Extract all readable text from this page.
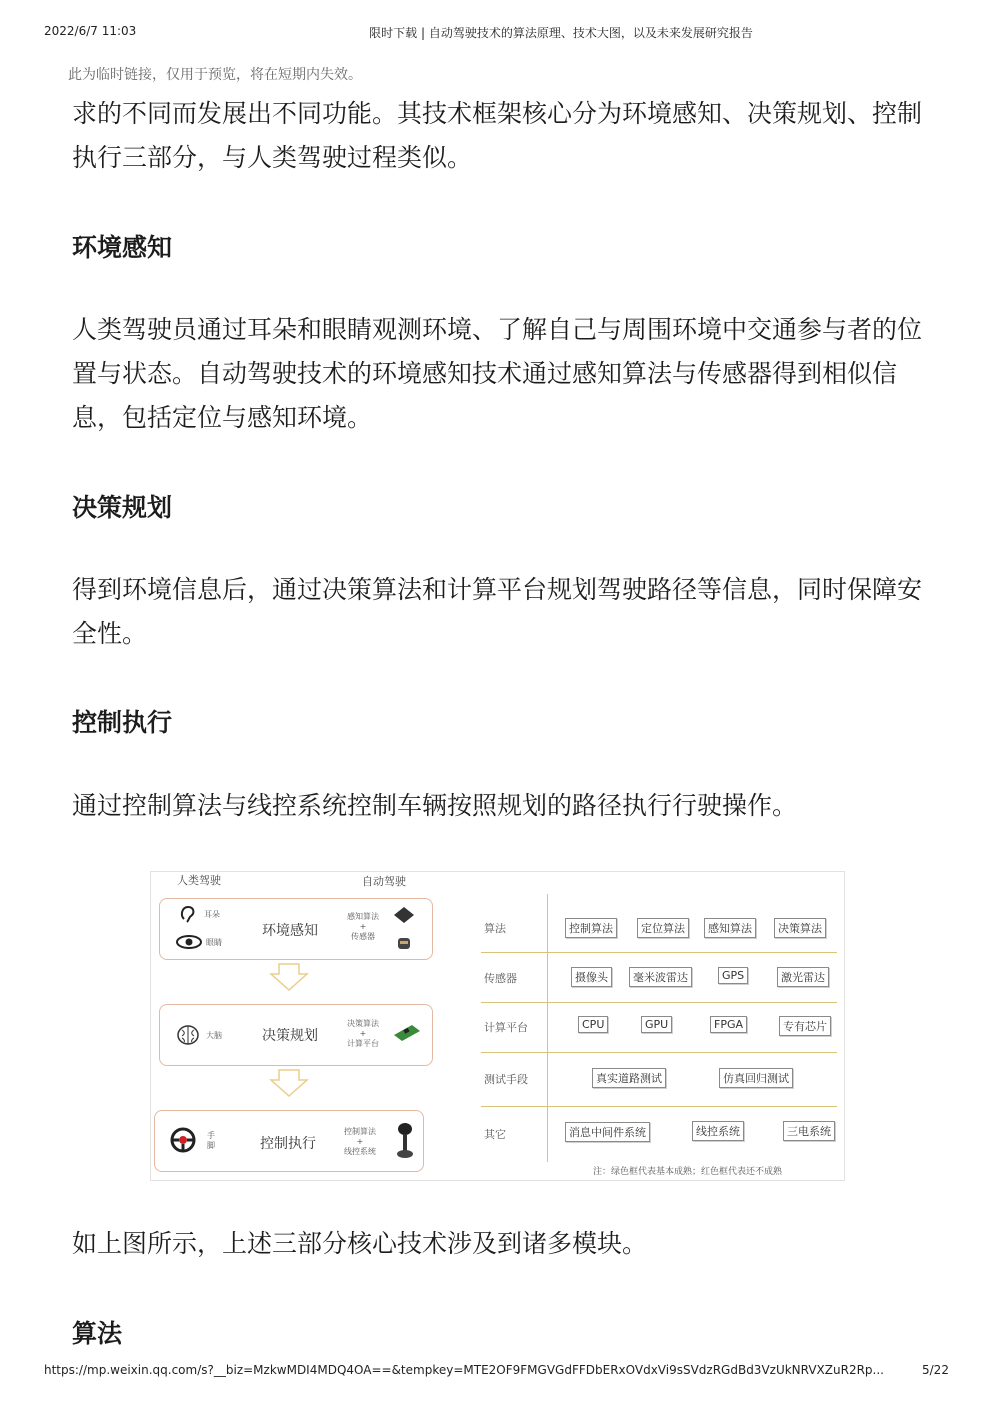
2022/6/7 11:03	限时下载 | 自动驾驶技术的算法原理、技术大图，以及未来发展研究报告
此为临时链接，仅用于预览，将在短期内失效。

求的不同而发展出不同功能。其技术框架核心分为环境感知、决策规划、控制执行三部分，与人类驾驶过程类似。

环境感知

人类驾驶员通过耳朵和眼睛观测环境、了解自己与周围环境中交通参与者的位置与状态。自动驾驶技术的环境感知技术通过感知算法与传感器得到相似信息，包括定位与感知环境。

决策规划

得到环境信息后，通过决策算法和计算平台规划驾驶路径等信息，同时保障安全性。

控制执行

通过控制算法与线控系统控制车辆按照规划的路径执行行驶操作。

人类驾驶	自动驾驶
耳朵
眼睛
环境感知
感知算法
+
传感器
大脑	决策规划
决策算法
+
计算平台
手
脚	控制执行
控制算法
+
线控系统
算法	控制算法	定位算法	感知算法	决策算法
传感器	摄像头	毫米波雷达	GPS	激光雷达
计算平台	CPU	GPU	FPGA	专有芯片
测试手段	真实道路测试	仿真回归测试
其它	消息中间件系统	线控系统	三电系统
注：绿色框代表基本成熟；红色框代表还不成熟

如上图所示，上述三部分核心技术涉及到诸多模块。

算法
https://mp.weixin.qq.com/s?__biz=MzkwMDI4MDQ4OA==&tempkey=MTE2OF9FMGVGdFFDbERxOVdxVi9sSVdzRGdBd3VzUkNRVXZuR2Rp...	5/22
